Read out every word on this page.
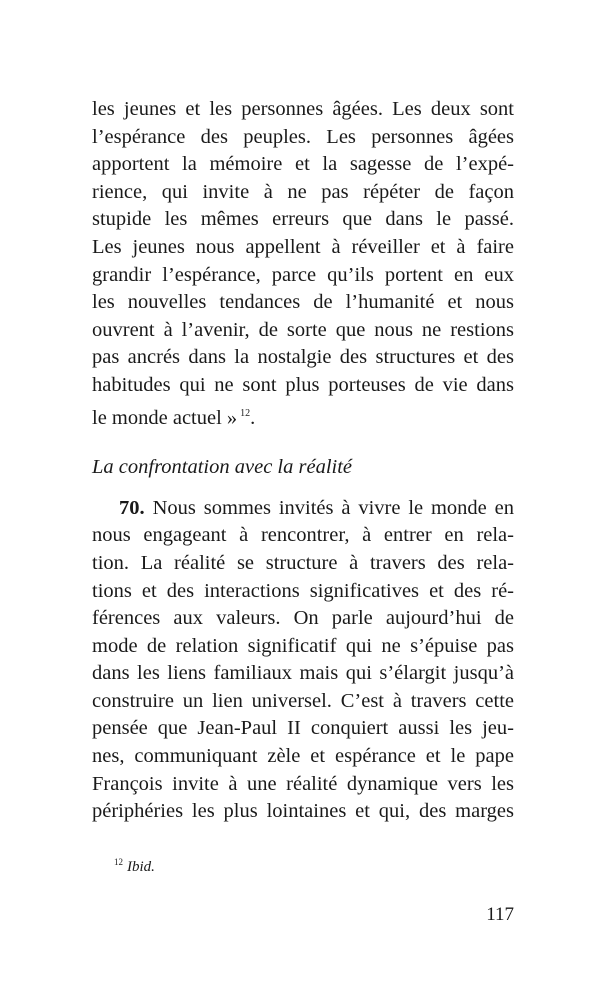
les jeunes et les personnes âgées. Les deux sont
l’espérance des peuples. Les personnes âgées
apportent la mémoire et la sagesse de l’expé-
rience, qui invite à ne pas répéter de façon
stupide les mêmes erreurs que dans le passé.
Les jeunes nous appellent à réveiller et à faire
grandir l’espérance, parce qu’ils portent en eux
les nouvelles tendances de l’humanité et nous
ouvrent à l’avenir, de sorte que nous ne restions
pas ancrés dans la nostalgie des structures et des
habitudes qui ne sont plus porteuses de vie dans
le monde actuel » $^{12}$.
La confrontation avec la réalité
70. Nous sommes invités à vivre le monde en
nous engageant à rencontrer, à entrer en rela-
tion. La réalité se structure à travers des rela-
tions et des interactions significatives et des ré-
férences aux valeurs. On parle aujourd’hui de
mode de relation significatif qui ne s’épuise pas
dans les liens familiaux mais qui s’élargit jusqu’à
construire un lien universel. C’est à travers cette
pensée que Jean-Paul II conquiert aussi les jeu-
nes, communiquant zèle et espérance et le pape
François invite à une réalité dynamique vers les
périphéries les plus lointaines et qui, des marges
$^{12}$ Ibid.
117
